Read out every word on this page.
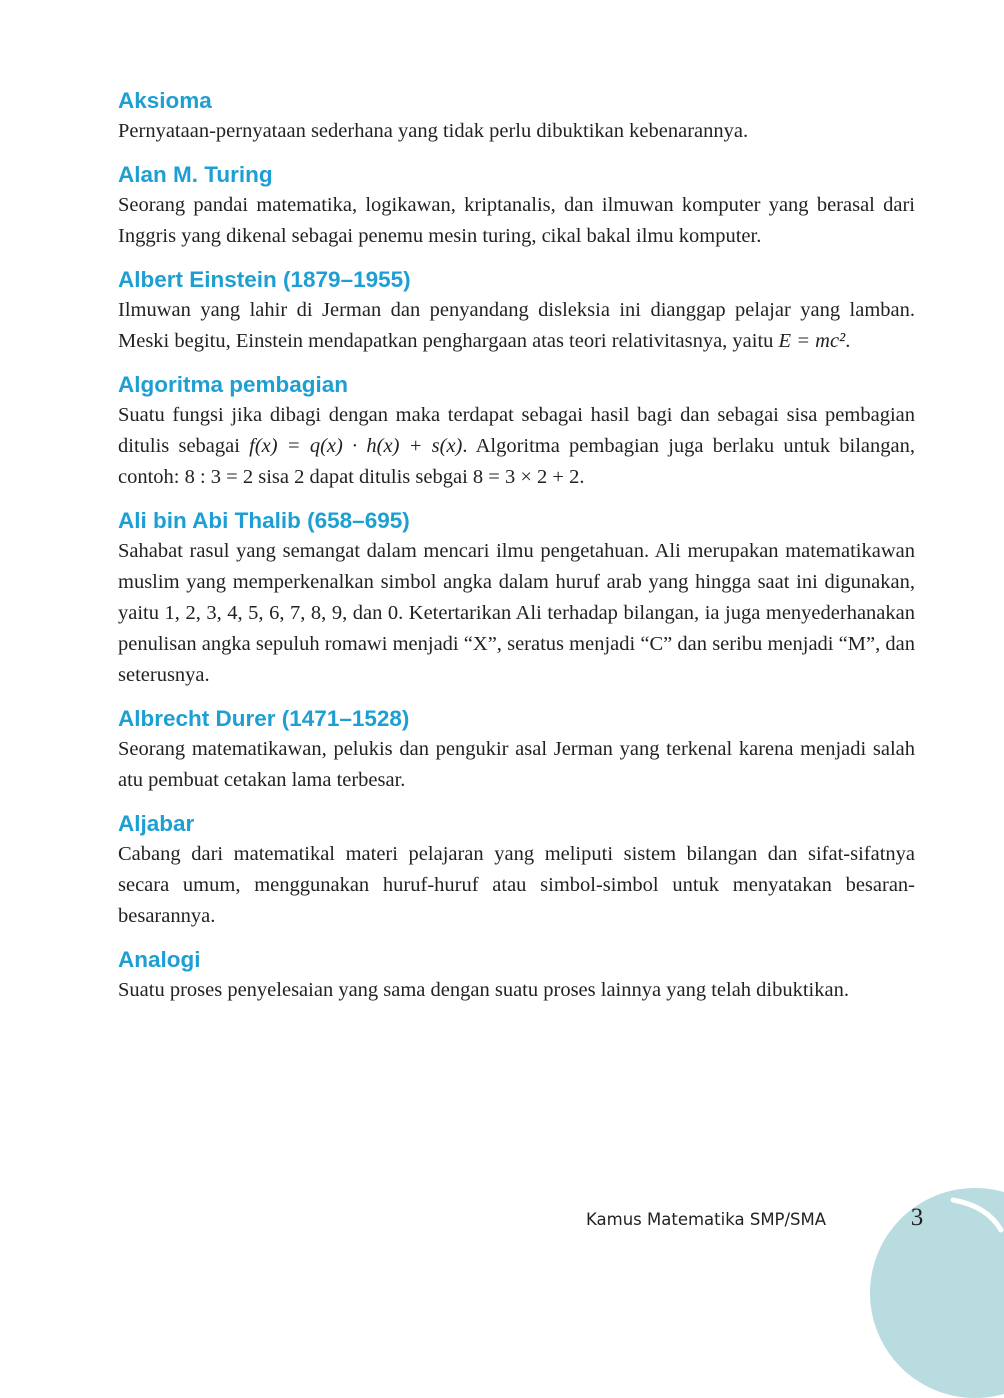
Aksioma

Pernyataan-pernyataan sederhana yang tidak perlu dibuktikan kebenarannya.

Alan M. Turing

Seorang pandai matematika, logikawan, kriptanalis, dan ilmuwan komputer yang berasal dari Inggris yang dikenal sebagai penemu mesin turing, cikal bakal ilmu komputer.

Albert Einstein (1879–1955)

Ilmuwan yang lahir di Jerman dan penyandang disleksia ini dianggap pelajar yang lamban. Meski begitu, Einstein mendapatkan penghargaan atas teori relativitasnya, yaitu E = mc².

Algoritma pembagian

Suatu fungsi jika dibagi dengan maka terdapat sebagai hasil bagi dan sebagai sisa pembagian ditulis sebagai f(x) = q(x) · h(x) + s(x). Algoritma pembagian juga berlaku untuk bilangan, contoh: 8 : 3 = 2 sisa 2 dapat ditulis sebgai 8 = 3 × 2 + 2.

Ali bin Abi Thalib (658–695)

Sahabat rasul yang semangat dalam mencari ilmu pengetahuan. Ali merupakan matematikawan muslim yang memperkenalkan simbol angka dalam huruf arab yang hingga saat ini digunakan, yaitu 1, 2, 3, 4, 5, 6, 7, 8, 9, dan 0. Ketertarikan Ali terhadap bilangan, ia juga menyederhanakan penulisan angka sepuluh romawi menjadi “X”, seratus menjadi “C” dan seribu menjadi “M”, dan seterusnya.

Albrecht Durer (1471–1528)

Seorang matematikawan, pelukis dan pengukir asal Jerman yang terkenal karena menjadi salah atu pembuat cetakan lama terbesar.

Aljabar

Cabang dari matematikal materi pelajaran yang meliputi sistem bilangan dan sifat-sifatnya secara umum, menggunakan huruf-huruf atau simbol-simbol untuk menyatakan besaran-besarannya.

Analogi

Suatu proses penyelesaian yang sama dengan suatu proses lainnya yang telah dibuktikan.

Kamus Matematika SMP/SMA	3
